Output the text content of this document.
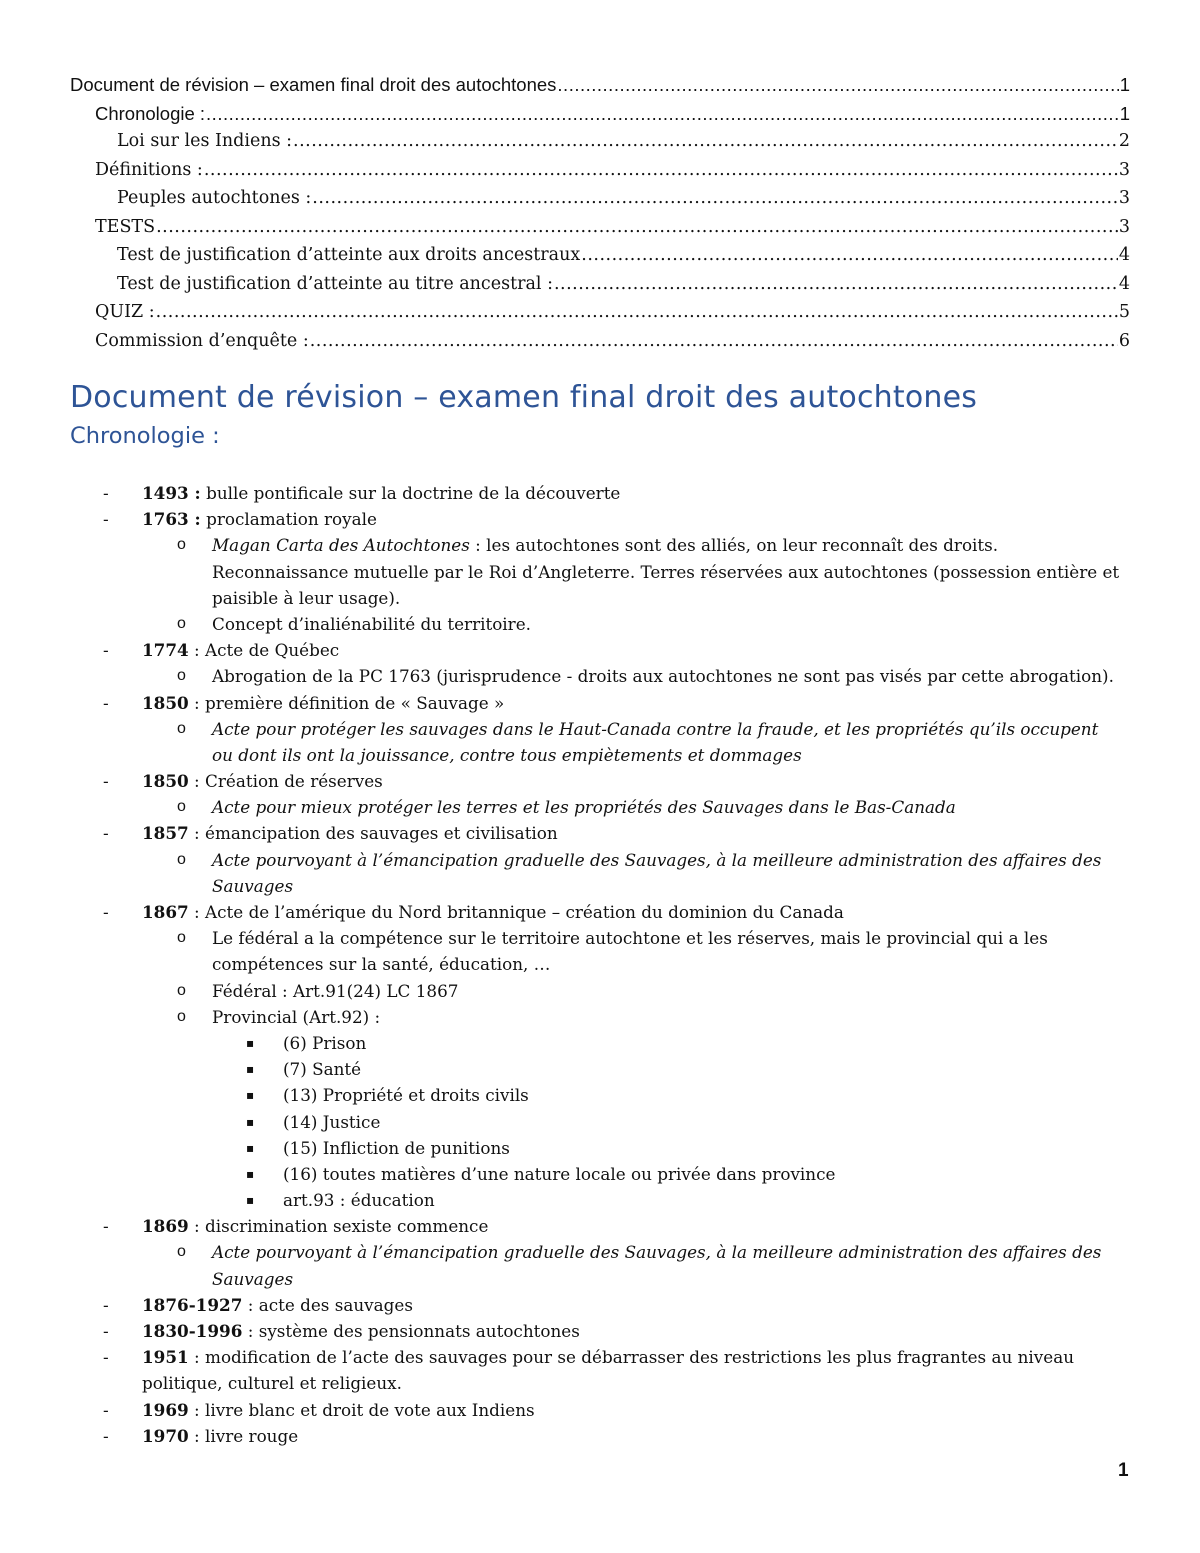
Document de révision – examen final droit des autochtones .....	1
Chronologie : .....	1
Loi sur les Indiens : .....	2
Définitions : .....	3
Peuples autochtones : .....	3
TESTS .....	3
Test de justification d’atteinte aux droits ancestraux .....	4
Test de justification d’atteinte au titre ancestral : .....	4
QUIZ : .....	5
Commission d’enquête : .....	6
Document de révision – examen final droit des autochtones
Chronologie :
- 1493 : bulle pontificale sur la doctrine de la découverte
- 1763 : proclamation royale
o Magan Carta des Autochtones : les autochtones sont des alliés, on leur reconnaît des droits.
Reconnaissance mutuelle par le Roi d’Angleterre. Terres réservées aux autochtones (possession entière et
paisible à leur usage).
o Concept d’inaliénabilité du territoire.
- 1774 : Acte de Québec
o Abrogation de la PC 1763 (jurisprudence - droits aux autochtones ne sont pas visés par cette abrogation).
- 1850 : première définition de « Sauvage »
o Acte pour protéger les sauvages dans le Haut-Canada contre la fraude, et les propriétés qu’ils occupent
ou dont ils ont la jouissance, contre tous empiètements et dommages
- 1850 : Création de réserves
o Acte pour mieux protéger les terres et les propriétés des Sauvages dans le Bas-Canada
- 1857 : émancipation des sauvages et civilisation
o Acte pourvoyant à l’émancipation graduelle des Sauvages, à la meilleure administration des affaires des
Sauvages
- 1867 : Acte de l’amérique du Nord britannique – création du dominion du Canada
o Le fédéral a la compétence sur le territoire autochtone et les réserves, mais le provincial qui a les
compétences sur la santé, éducation, …
o Fédéral : Art.91(24) LC 1867
o Provincial (Art.92) :
▪ (6) Prison
▪ (7) Santé
▪ (13) Propriété et droits civils
▪ (14) Justice
▪ (15) Infliction de punitions
▪ (16) toutes matières d’une nature locale ou privée dans province
▪ art.93 : éducation
- 1869 : discrimination sexiste commence
o Acte pourvoyant à l’émancipation graduelle des Sauvages, à la meilleure administration des affaires des
Sauvages
- 1876-1927 : acte des sauvages
- 1830-1996 : système des pensionnats autochtones
- 1951 : modification de l’acte des sauvages pour se débarrasser des restrictions les plus fragrantes au niveau
politique, culturel et religieux.
- 1969 : livre blanc et droit de vote aux Indiens
- 1970 : livre rouge
1
